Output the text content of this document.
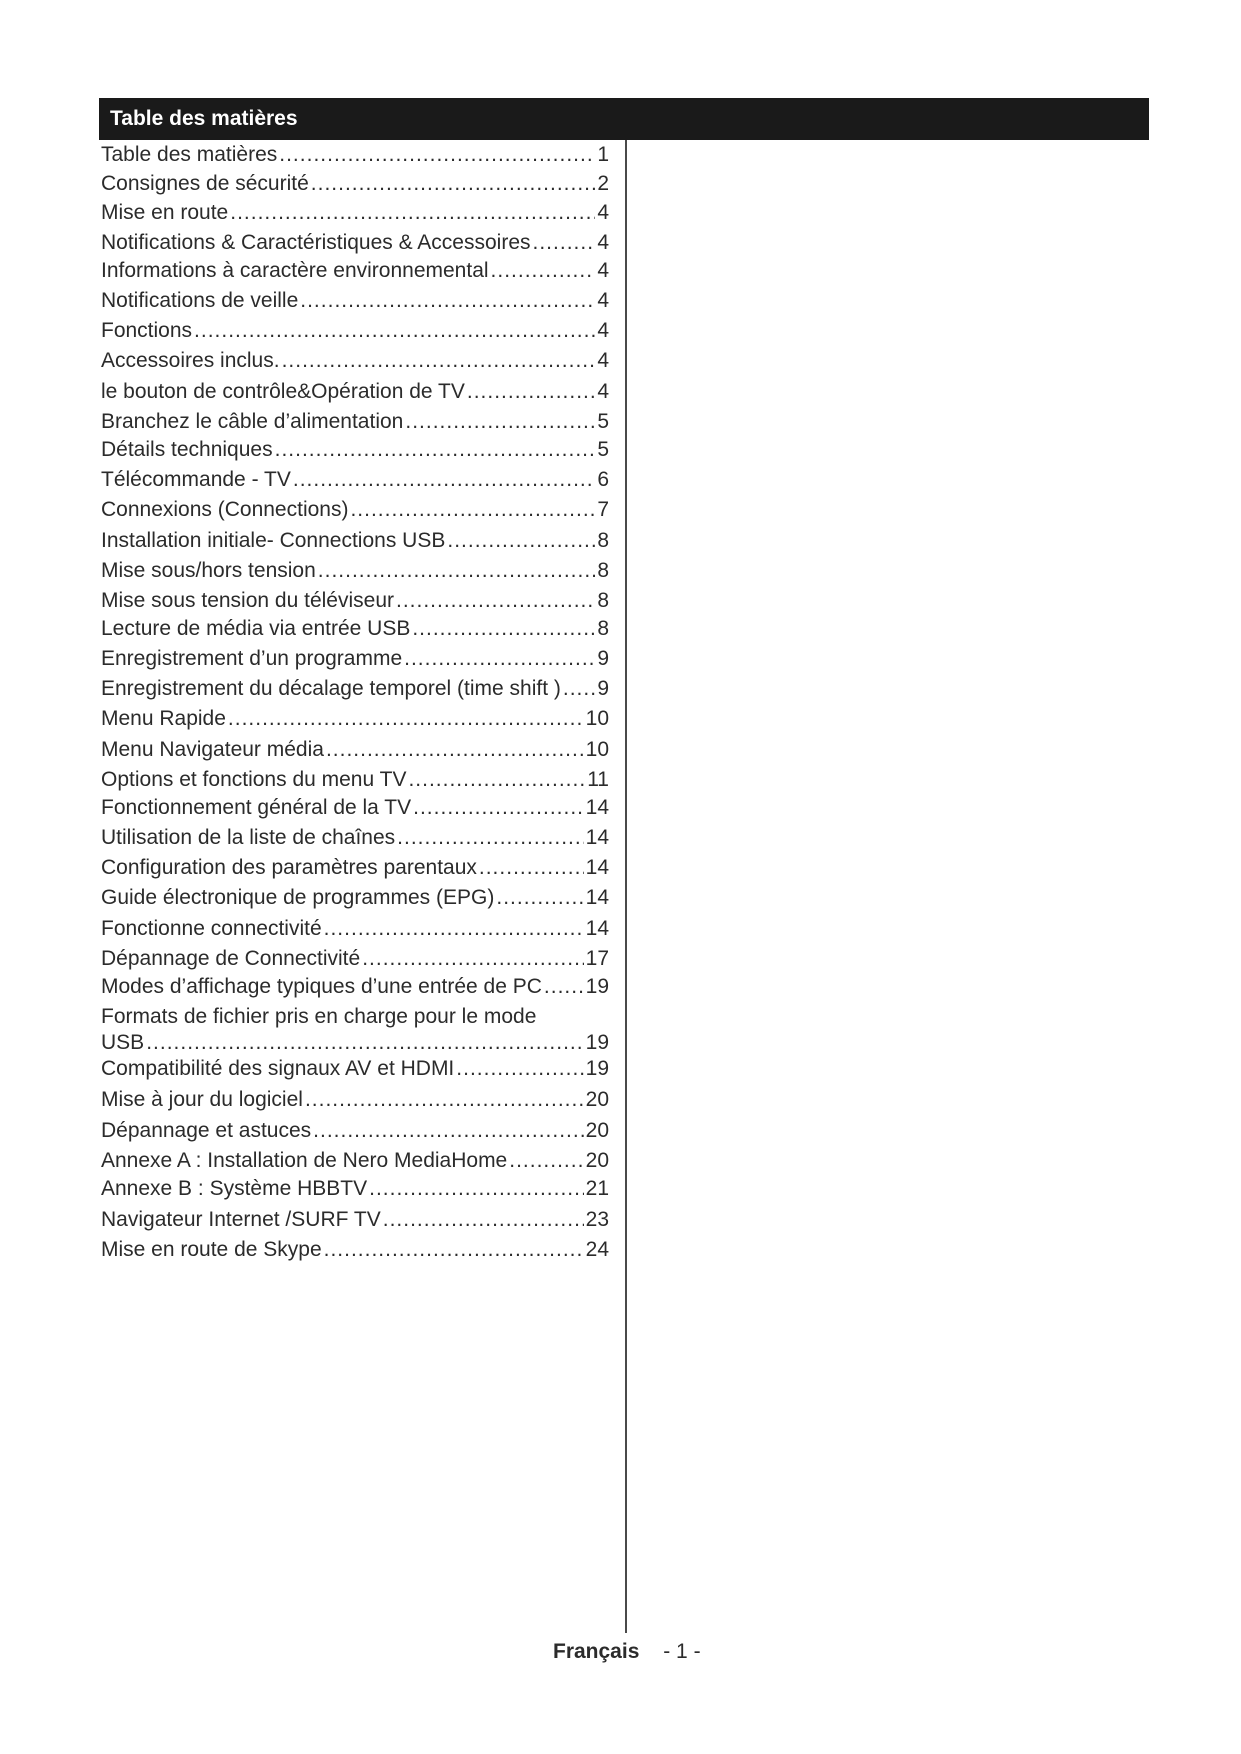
Table des matières
Table des matières .....	1
Consignes de sécurité .....	2
Mise en route .....	4
Notifications & Caractéristiques & Accessoires .....	4
Informations à caractère environnemental .....	4
Notifications de veille .....	4
Fonctions .....	4
Accessoires inclus. .....	4
le bouton de contrôle&Opération de TV .....	4
Branchez le câble d’alimentation .....	5
Détails techniques .....	5
Télécommande - TV .....	6
Connexions (Connections) .....	7
Installation initiale- Connections USB .....	8
Mise sous/hors tension .....	8
Mise sous tension du téléviseur .....	8
Lecture de média via entrée USB .....	8
Enregistrement d’un programme .....	9
Enregistrement du décalage temporel (time shift ) ..... 9
Menu Rapide .....	10
Menu Navigateur média .....	10
Options et fonctions du menu TV .....	11
Fonctionnement général de la TV .....	14
Utilisation de la liste de chaînes .....	14
Configuration des paramètres parentaux .....	14
Guide électronique de programmes (EPG) .....	14
Fonctionne connectivité .....	14
Dépannage de Connectivité .....	17
Modes d’affichage typiques d’une entrée de PC ..... 19
Formats de fichier pris en charge pour le mode
USB .....	19
Compatibilité des signaux AV et HDMI .....	19
Mise à jour du logiciel .....	20
Dépannage et astuces .....	20
Annexe A : Installation de Nero MediaHome .....	20
Annexe B : Système HBBTV .....	21
Navigateur Internet /SURF TV .....	23
Mise en route de Skype .....	24
Français - 1 -
